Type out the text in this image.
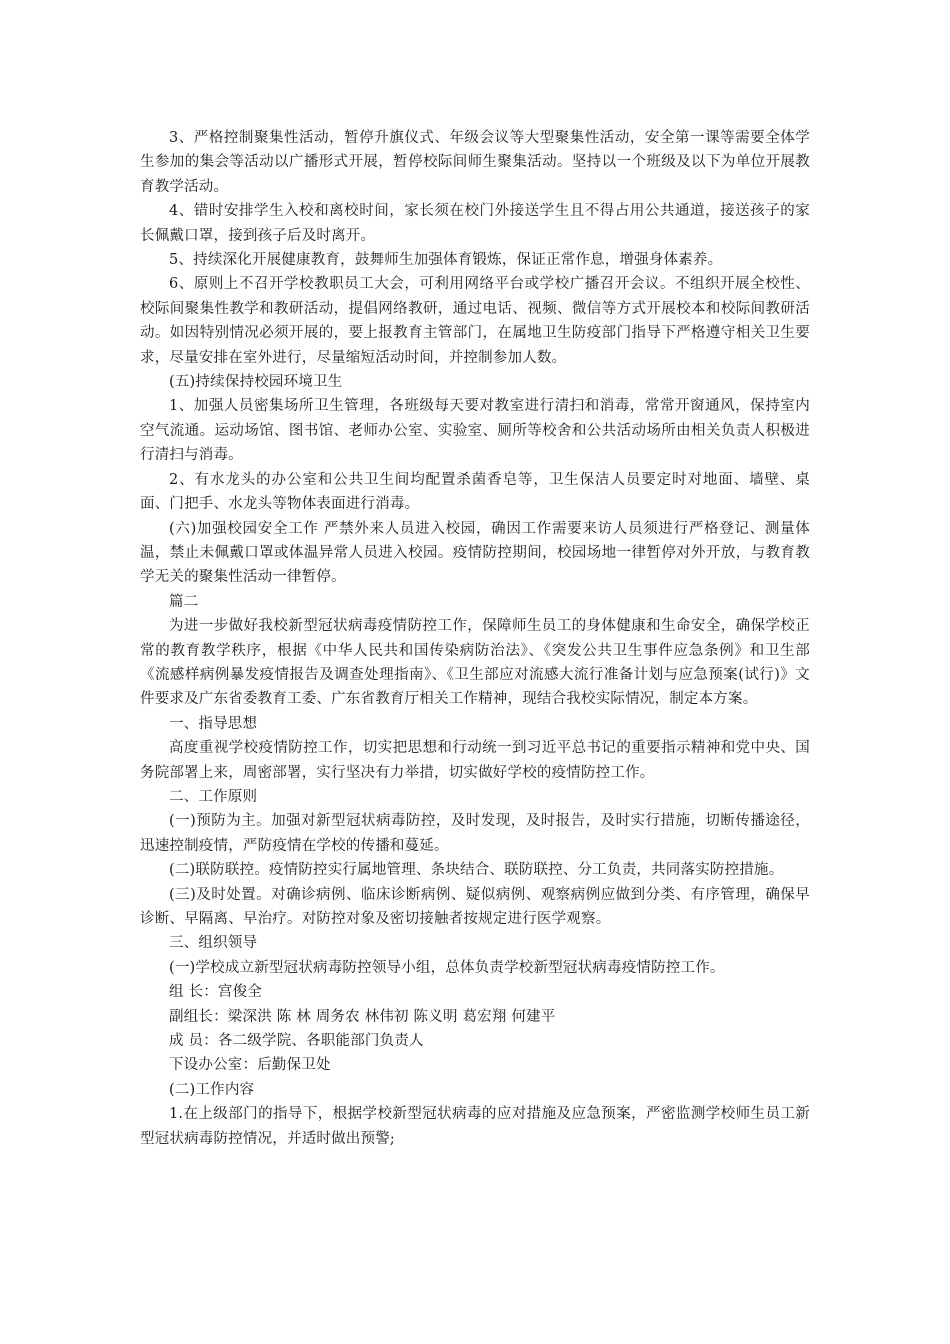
3、严格控制聚集性活动，暂停升旗仪式、年级会议等大型聚集性活动，安全第一课等需要全体学生参加的集会等活动以广播形式开展，暂停校际间师生聚集活动。坚持以一个班级及以下为单位开展教育教学活动。

4、错时安排学生入校和离校时间，家长须在校门外接送学生且不得占用公共通道，接送孩子的家长佩戴口罩，接到孩子后及时离开。

5、持续深化开展健康教育，鼓舞师生加强体育锻炼，保证正常作息，增强身体素养。

6、原则上不召开学校教职员工大会，可利用网络平台或学校广播召开会议。不组织开展全校性、校际间聚集性教学和教研活动，提倡网络教研，通过电话、视频、微信等方式开展校本和校际间教研活动。如因特别情况必须开展的，要上报教育主管部门，在属地卫生防疫部门指导下严格遵守相关卫生要求，尽量安排在室外进行，尽量缩短活动时间，并控制参加人数。

(五)持续保持校园环境卫生

1、加强人员密集场所卫生管理，各班级每天要对教室进行清扫和消毒，常常开窗通风，保持室内空气流通。运动场馆、图书馆、老师办公室、实验室、厕所等校舍和公共活动场所由相关负责人积极进行清扫与消毒。

2、有水龙头的办公室和公共卫生间均配置杀菌香皂等，卫生保洁人员要定时对地面、墙壁、桌面、门把手、水龙头等物体表面进行消毒。

(六)加强校园安全工作 严禁外来人员进入校园，确因工作需要来访人员须进行严格登记、测量体温，禁止未佩戴口罩或体温异常人员进入校园。疫情防控期间，校园场地一律暂停对外开放，与教育教学无关的聚集性活动一律暂停。

篇二

为进一步做好我校新型冠状病毒疫情防控工作，保障师生员工的身体健康和生命安全，确保学校正常的教育教学秩序，根据《中华人民共和国传染病防治法》、《突发公共卫生事件应急条例》和卫生部《流感样病例暴发疫情报告及调查处理指南》、《卫生部应对流感大流行准备计划与应急预案(试行)》文件要求及广东省委教育工委、广东省教育厅相关工作精神，现结合我校实际情况，制定本方案。

一、指导思想

高度重视学校疫情防控工作，切实把思想和行动统一到习近平总书记的重要指示精神和党中央、国务院部署上来，周密部署，实行坚决有力举措，切实做好学校的疫情防控工作。

二、工作原则

(一)预防为主。加强对新型冠状病毒防控，及时发现，及时报告，及时实行措施，切断传播途径，迅速控制疫情，严防疫情在学校的传播和蔓延。

(二)联防联控。疫情防控实行属地管理、条块结合、联防联控、分工负责，共同落实防控措施。

(三)及时处置。对确诊病例、临床诊断病例、疑似病例、观察病例应做到分类、有序管理，确保早诊断、早隔离、早治疗。对防控对象及密切接触者按规定进行医学观察。

三、组织领导

(一)学校成立新型冠状病毒防控领导小组，总体负责学校新型冠状病毒疫情防控工作。

组 长：宫俊全

副组长：梁深洪 陈 林 周务农 林伟初 陈义明 葛宏翔 何建平

成 员：各二级学院、各职能部门负责人

下设办公室：后勤保卫处

(二)工作内容

1.在上级部门的指导下，根据学校新型冠状病毒的应对措施及应急预案，严密监测学校师生员工新型冠状病毒防控情况，并适时做出预警;
